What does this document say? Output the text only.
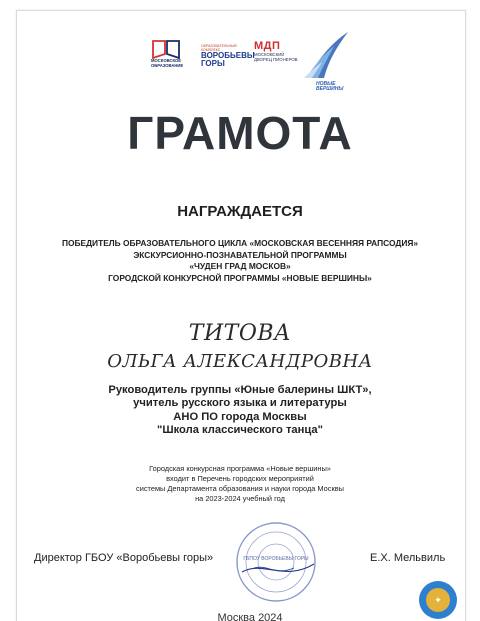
МОСКОВСКОЕ ОБРАЗОВАНИЕ
ОБРАЗОВАТЕЛЬНЫЙ КОМПЛЕКС
ВОРОБЬЕВЫ ГОРЫ
МДП
МОСКОВСКИЙ ДВОРЕЦ ПИОНЕРОВ
НОВЫЕ ВЕРШИНЫ
ГРАМОТА
НАГРАЖДАЕТСЯ
ПОБЕДИТЕЛЬ ОБРАЗОВАТЕЛЬНОГО ЦИКЛА «МОСКОВСКАЯ ВЕСЕННЯЯ РАПСОДИЯ»
ЭКСКУРСИОННО-ПОЗНАВАТЕЛЬНОЙ ПРОГРАММЫ
«ЧУДЕН ГРАД МОСКОВ»
ГОРОДСКОЙ КОНКУРСНОЙ ПРОГРАММЫ «НОВЫЕ ВЕРШИНЫ»
ТИТОВА
ОЛЬГА АЛЕКСАНДРОВНА
Руководитель группы «Юные балерины ШКТ»,
учитель русского языка и литературы
АНО ПО города Москвы
"Школа классического танца"
Городская конкурсная программа «Новые вершины»
входит в Перечень городских мероприятий
системы Департамента образования и науки города Москвы
на 2023-2024 учебный год
ГБПОУ ВОРОБЬЕВЫ ГОРЫ
Директор ГБОУ «Воробьевы горы»	Е.Х. Мельвиль
✦
Москва 2024
